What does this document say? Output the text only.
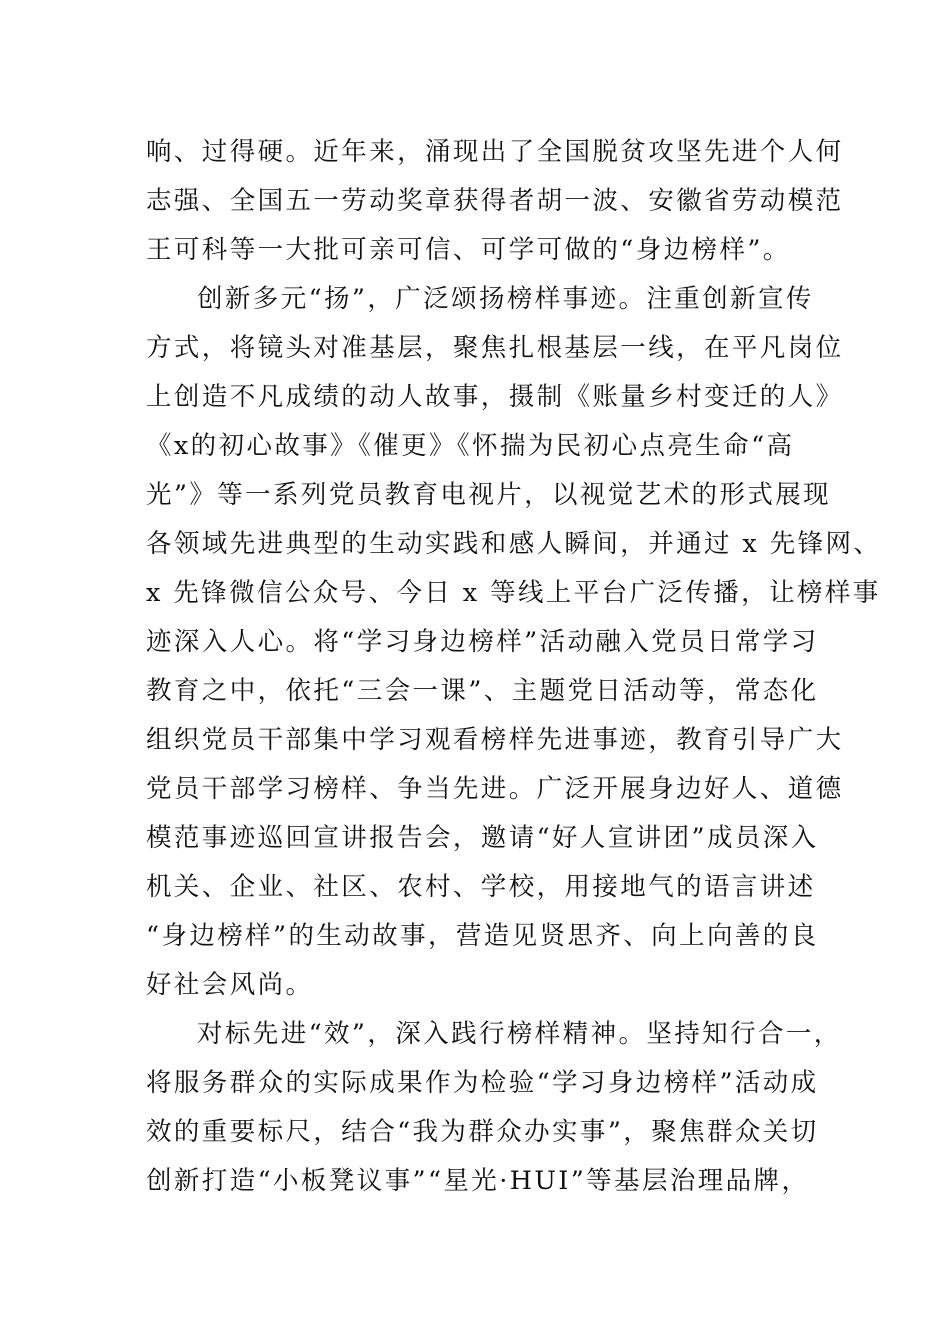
响、过得硬。近年来，涌现出了全国脱贫攻坚先进个人何
志强、全国五一劳动奖章获得者胡一波、安徽省劳动模范
王可科等一大批可亲可信、可学可做的“身边榜样”。
创新多元“扬”，广泛颂扬榜样事迹。注重创新宣传
方式，将镜头对准基层，聚焦扎根基层一线，在平凡岗位
上创造不凡成绩的动人故事，摄制《账量乡村变迁的人》
《x的初心故事》《催更》《怀揣为民初心点亮生命“高
光”》等一系列党员教育电视片，以视觉艺术的形式展现
各领域先进典型的生动实践和感人瞬间，并通过 x 先锋网、
x 先锋微信公众号、今日 x 等线上平台广泛传播，让榜样事
迹深入人心。将“学习身边榜样”活动融入党员日常学习
教育之中，依托“三会一课”、主题党日活动等，常态化
组织党员干部集中学习观看榜样先进事迹，教育引导广大
党员干部学习榜样、争当先进。广泛开展身边好人、道德
模范事迹巡回宣讲报告会，邀请“好人宣讲团”成员深入
机关、企业、社区、农村、学校，用接地气的语言讲述
“身边榜样”的生动故事，营造见贤思齐、向上向善的良
好社会风尚。
对标先进“效”，深入践行榜样精神。坚持知行合一，
将服务群众的实际成果作为检验“学习身边榜样”活动成
效的重要标尺，结合“我为群众办实事”，聚焦群众关切
创新打造“小板凳议事”“星光·HUI”等基层治理品牌，
